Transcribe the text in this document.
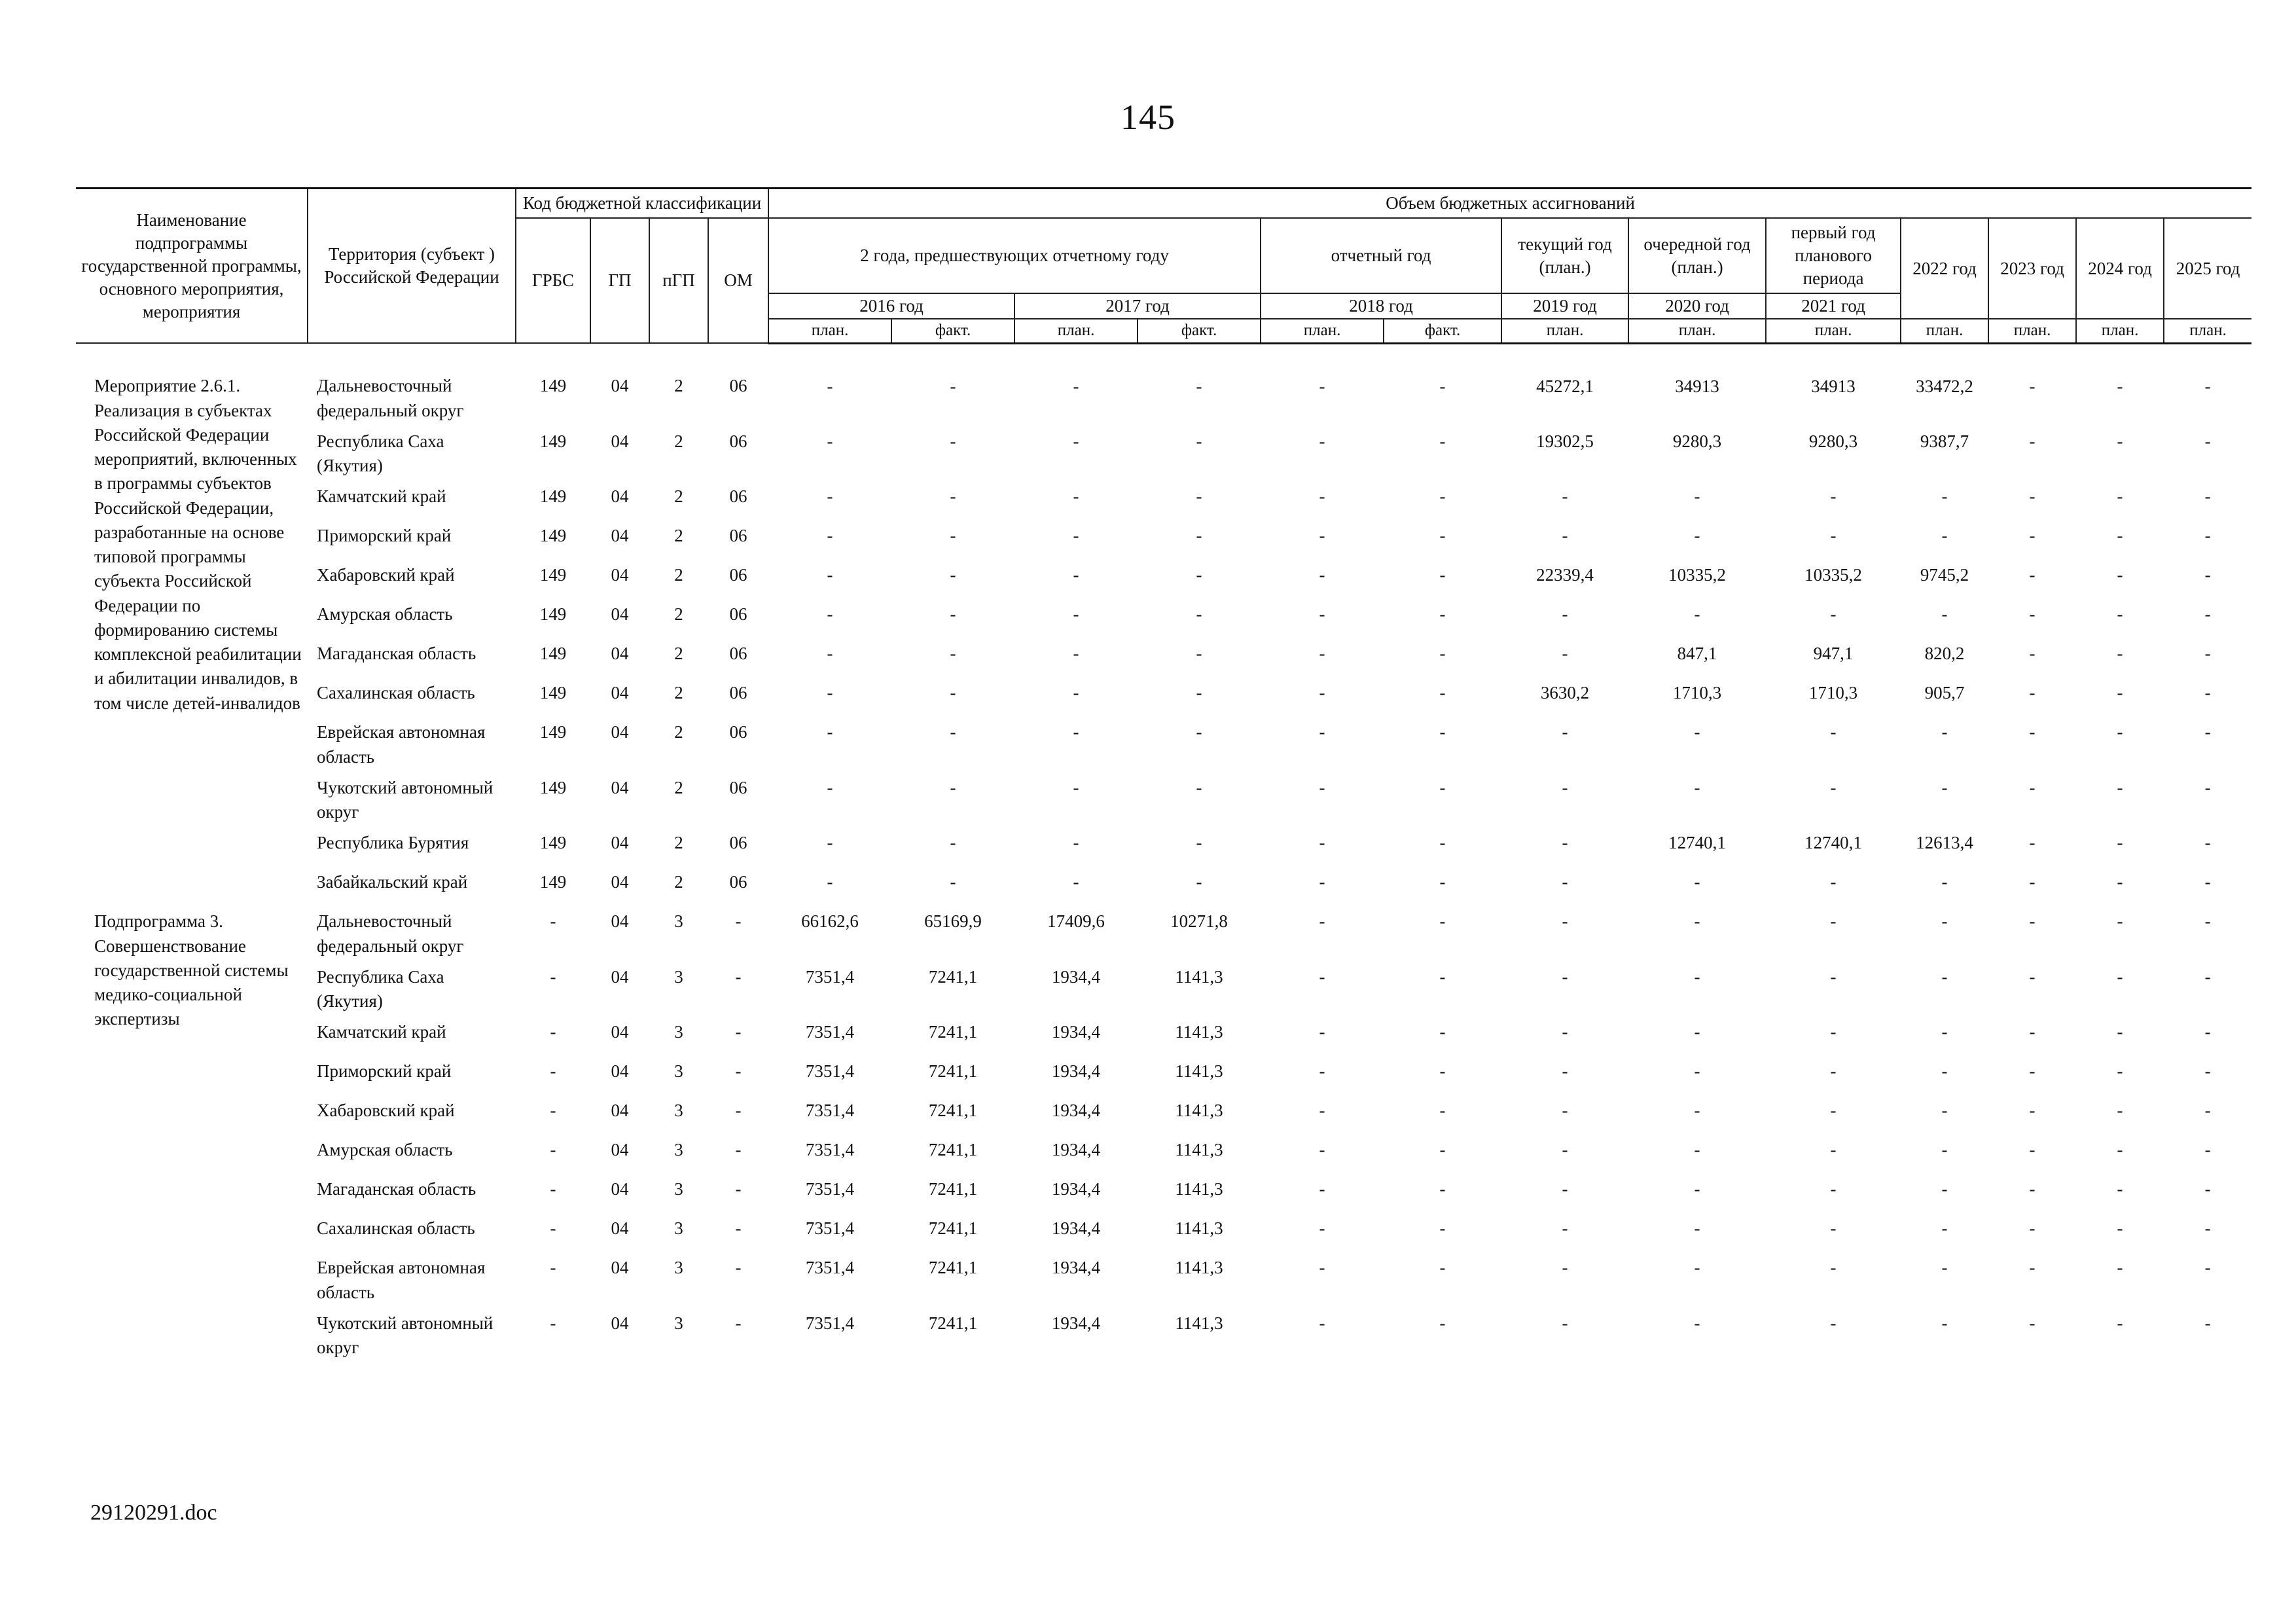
145
Наименование подпрограммы государственной программы, основного мероприятия, мероприятия	Территория (субъект ) Российской Федерации	Код бюджетной классификации				Объем бюджетных ассигнований												
		ГРБС	ГП	пГП	ОМ	2 года, предшествующих отчетному году				отчетный год		текущий год (план.)	очередной год (план.)	первый год планового периода	2022 год	2023 год	2024 год	2025 год
						2016 год		2017 год		2018 год		2019 год	2020 год	2021 год				
						план.	факт.	план.	факт.	план.	факт.	план.	план.	план.	план.	план.	план.	план.
Мероприятие 2.6.1. Реализация в субъектах Российской Федерации мероприятий, включенных в программы субъектов Российской Федерации, разработанные на основе типовой программы субъекта Российской Федерации по формированию системы комплексной реабилитации и абилитации инвалидов, в том числе детей-инвалидов	Дальневосточный федеральный округ	149	04	2	06	-	-	-	-	-	-	45272,1	34913	34913	33472,2	-	-	-
	Республика Саха (Якутия)	149	04	2	06	-	-	-	-	-	-	19302,5	9280,3	9280,3	9387,7	-	-	-
	Камчатский край	149	04	2	06	-	-	-	-	-	-	-	-	-	-	-	-	-
	Приморский край	149	04	2	06	-	-	-	-	-	-	-	-	-	-	-	-	-
	Хабаровский край	149	04	2	06	-	-	-	-	-	-	22339,4	10335,2	10335,2	9745,2	-	-	-
	Амурская область	149	04	2	06	-	-	-	-	-	-	-	-	-	-	-	-	-
	Магаданская область	149	04	2	06	-	-	-	-	-	-	-	847,1	947,1	820,2	-	-	-
	Сахалинская область	149	04	2	06	-	-	-	-	-	-	3630,2	1710,3	1710,3	905,7	-	-	-
	Еврейская автономная область	149	04	2	06	-	-	-	-	-	-	-	-	-	-	-	-	-
	Чукотский автономный округ	149	04	2	06	-	-	-	-	-	-	-	-	-	-	-	-	-
	Республика Бурятия	149	04	2	06	-	-	-	-	-	-	-	12740,1	12740,1	12613,4	-	-	-
	Забайкальский край	149	04	2	06	-	-	-	-	-	-	-	-	-	-	-	-	-
Подпрограмма 3. Совершенствование государственной системы медико-социальной экспертизы	Дальневосточный федеральный округ	-	04	3	-	66162,6	65169,9	17409,6	10271,8	-	-	-	-	-	-	-	-	-
	Республика Саха (Якутия)	-	04	3	-	7351,4	7241,1	1934,4	1141,3	-	-	-	-	-	-	-	-	-
	Камчатский край	-	04	3	-	7351,4	7241,1	1934,4	1141,3	-	-	-	-	-	-	-	-	-
	Приморский край	-	04	3	-	7351,4	7241,1	1934,4	1141,3	-	-	-	-	-	-	-	-	-
	Хабаровский край	-	04	3	-	7351,4	7241,1	1934,4	1141,3	-	-	-	-	-	-	-	-	-
	Амурская область	-	04	3	-	7351,4	7241,1	1934,4	1141,3	-	-	-	-	-	-	-	-	-
	Магаданская область	-	04	3	-	7351,4	7241,1	1934,4	1141,3	-	-	-	-	-	-	-	-	-
	Сахалинская область	-	04	3	-	7351,4	7241,1	1934,4	1141,3	-	-	-	-	-	-	-	-	-
	Еврейская автономная область	-	04	3	-	7351,4	7241,1	1934,4	1141,3	-	-	-	-	-	-	-	-	-
	Чукотский автономный округ	-	04	3	-	7351,4	7241,1	1934,4	1141,3	-	-	-	-	-	-	-	-	-
29120291.doc
